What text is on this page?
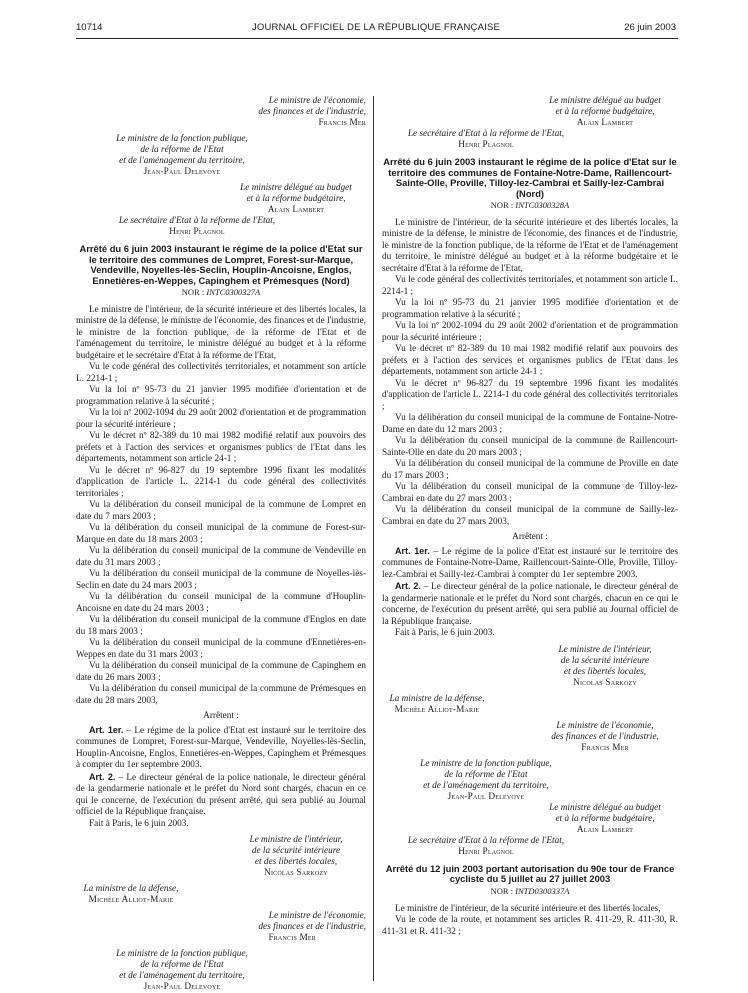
10714	JOURNAL OFFICIEL DE LA RÉPUBLIQUE FRANÇAISE	26 juin 2003
Le ministre de l'économie,
des finances et de l'industrie,
Francis Mer
Le ministre de la fonction publique,
de la réforme de l'Etat
et de l'aménagement du territoire,
Jean-Paul Delevoye
Le ministre délégué au budget
et à la réforme budgétaire,
Alain Lambert
Le secrétaire d'Etat à la réforme de l'Etat,
Henri Plagnol
Arrêté du 6 juin 2003 instaurant le régime de la police d'Etat sur le territoire des communes de Lompret, Forest-sur-Marque, Vendeville, Noyelles-lès-Seclin, Houplin-Ancoisne, Englos, Ennetières-en-Weppes, Capinghem et Prémesques (Nord)
NOR : INTC0300327A

Le ministre de l'intérieur, de la sécurité intérieure et des libertés locales, la ministre de la défense, le ministre de l'économie, des finances et de l'industrie, le ministre de la fonction publique, de la réforme de l'Etat et de l'aménagement du territoire, le ministre délégué au budget et à la réforme budgétaire et le secrétaire d'Etat à la réforme de l'Etat,

Vu le code général des collectivités territoriales, et notamment son article L. 2214-1 ;

Vu la loi nº 95-73 du 21 janvier 1995 modifiée d'orientation et de programmation relative à la sécurité ;

Vu la loi nº 2002-1094 du 29 août 2002 d'orientation et de programmation pour la sécurité intérieure ;

Vu le décret nº 82-389 du 10 mai 1982 modifié relatif aux pouvoirs des préfets et à l'action des services et organismes publics de l'Etat dans les départements, notamment son article 24-1 ;

Vu le décret nº 96-827 du 19 septembre 1996 fixant les modalités d'application de l'article L. 2214-1 du code général des collectivités territoriales ;

Vu la délibération du conseil municipal de la commune de Lompret en date du 7 mars 2003 ;

Vu la délibération du conseil municipal de la commune de Forest-sur-Marque en date du 18 mars 2003 ;

Vu la délibération du conseil municipal de la commune de Vendeville en date du 31 mars 2003 ;

Vu la délibération du conseil municipal de la commune de Noyelles-lès-Seclin en date du 24 mars 2003 ;

Vu la délibération du conseil municipal de la commune d'Houplin-Ancoisne en date du 24 mars 2003 ;

Vu la délibération du conseil municipal de la commune d'Englos en date du 18 mars 2003 ;

Vu la délibération du conseil municipal de la commune d'Ennetières-en-Weppes en date du 31 mars 2003 ;

Vu la délibération du conseil municipal de la commune de Capinghem en date du 26 mars 2003 ;

Vu la délibération du conseil municipal de la commune de Prémesques en date du 28 mars 2003,

Arrêtent :

Art. 1er. – Le régime de la police d'Etat est instauré sur le territoire des communes de Lompret, Forest-sur-Marque, Vendeville, Noyelles-lès-Seclin, Houplin-Ancoisne, Englos, Ennetières-en-Weppes, Capinghem et Prémesques à compter du 1er septembre 2003.

Art. 2. – Le directeur général de la police nationale, le directeur général de la gendarmerie nationale et le préfet du Nord sont chargés, chacun en ce qui le concerne, de l'exécution du présent arrêté, qui sera publié au Journal officiel de la République française.

Fait à Paris, le 6 juin 2003.

Le ministre de l'intérieur,
de la sécurité intérieure
et des libertés locales,
Nicolas Sarkozy
La ministre de la défense,
Michèle Alliot-Marie
Le ministre de l'économie,
des finances et de l'industrie,
Francis Mer
Le ministre de la fonction publique,
de la réforme de l'Etat
et de l'aménagement du territoire,
Jean-Paul Delevoye
Le ministre délégué au budget
et à la réforme budgétaire,
Alain Lambert
Le secrétaire d'Etat à la réforme de l'Etat,
Henri Plagnol
Arrêté du 6 juin 2003 instaurant le régime de la police d'Etat sur le territoire des communes de Fontaine-Notre-Dame, Raillencourt-Sainte-Olle, Proville, Tilloy-lez-Cambrai et Sailly-lez-Cambrai (Nord)
NOR : INTC0300328A

Le ministre de l'intérieur, de la sécurité intérieure et des libertés locales, la ministre de la défense, le ministre de l'économie, des finances et de l'industrie, le ministre de la fonction publique, de la réforme de l'Etat et de l'aménagement du territoire, le ministre délégué au budget et à la réforme budgétaire et le secrétaire d'Etat à la réforme de l'Etat,

Vu le code général des collectivités territoriales, et notamment son article L. 2214-1 ;

Vu la loi nº 95-73 du 21 janvier 1995 modifiée d'orientation et de programmation relative à la sécurité ;

Vu la loi nº 2002-1094 du 29 août 2002 d'orientation et de programmation pour la sécurité intérieure ;

Vu le décret nº 82-389 du 10 mai 1982 modifié relatif aux pouvoirs des préfets et à l'action des services et organismes publics de l'Etat dans les départements, notamment son article 24-1 ;

Vu le décret nº 96-827 du 19 septembre 1996 fixant les modalités d'application de l'article L. 2214-1 du code général des collectivités territoriales ;

Vu la délibération du conseil municipal de la commune de Fontaine-Notre-Dame en date du 12 mars 2003 ;

Vu la délibération du conseil municipal de la commune de Raillencourt-Sainte-Olle en date du 20 mars 2003 ;

Vu la délibération du conseil municipal de la commune de Proville en date du 17 mars 2003 ;

Vu la délibération du conseil municipal de la commune de Tilloy-lez-Cambrai en date du 27 mars 2003 ;

Vu la délibération du conseil municipal de la commune de Sailly-lez-Cambrai en date du 27 mars 2003,

Arrêtent :

Art. 1er. – Le régime de la police d'Etat est instauré sur le territoire des communes de Fontaine-Notre-Dame, Raillencourt-Sainte-Olle, Proville, Tilloy-lez-Cambrai et Sailly-lez-Cambrai à compter du 1er septembre 2003.

Art. 2. – Le directeur général de la police nationale, le directeur général de la gendarmerie nationale et le préfet du Nord sont chargés, chacun en ce qui le concerne, de l'exécution du présent arrêté, qui sera publié au Journal officiel de la République française.

Fait à Paris, le 6 juin 2003.

Le ministre de l'intérieur,
de la sécurité intérieure
et des libertés locales,
Nicolas Sarkozy
La ministre de la défense,
Michèle Alliot-Marie
Le ministre de l'économie,
des finances et de l'industrie,
Francis Mer
Le ministre de la fonction publique,
de la réforme de l'Etat
et de l'aménagement du territoire,
Jean-Paul Delevoye
Le ministre délégué au budget
et à la réforme budgétaire,
Alain Lambert
Le secrétaire d'Etat à la réforme de l'Etat,
Henri Plagnol
Arrêté du 12 juin 2003 portant autorisation du 90e tour de France cycliste du 5 juillet au 27 juillet 2003
NOR : INTD0300337A

Le ministre de l'intérieur, de la sécurité intérieure et des libertés locales,

Vu le code de la route, et notamment ses articles R. 411-29, R. 411-30, R. 411-31 et R. 411-32 ;
